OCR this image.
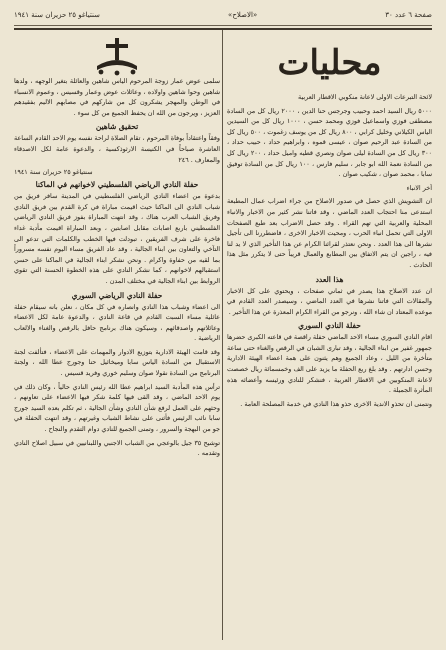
صفحة ٦ عدد ٣٠
«الاصلاح»
سنتياغو ٢٥ حزيران سنة ١٩٤١
محليات
لائحة التبرعات الاولى لاعانة منكوبي الاقطار العربية
٥٠٠٠ ريال السيد احمد وحبيب وجرجس حنا الدين ، ٢٠٠٠ ريال كل من السادة مصطفى فوزي واسماعيل فوزي ومحمد حسن ، ١٠٠٠ ريال كل من السيدين الياس الكيلاني وخليل كرابي ، ٨٠٠ ريال كل من يوسف زغموت ، ٥٠٠ ريال كل من السادة عبد الرحيم صوان ، عيسى قموه ، وابراهيم حداد ، حبيب حداد ، ٣٠٠ ريال كل من السادة ليلى صوان ونصري قطيه واميل حداد ، ٢٠٠ ريال كل من السادة نعمة الله ابو جابر ، سليم فارس ، ١٠٠ ريال كل من السادة توفيق سابا ، محمد صوان ، شكيب صوان .
آخر الانباء
ان التشويش الذي حصل في صدور الاصلاح من جراء اضراب عمال المطبعة استدعى منا احتجاب العدد الماضي ، وقد فاتنا نشر كثير من الاخبار والانباء المحلية والعربية التي تهم القراء . وقد حصل الاضراب بعد طبع الصفحات الاولى التي تحمل انباء الحرب ، ومحيت الاخبار الاخرى ، فاضطررنا الى تأجيل نشرها الى هذا العدد . ونحن نعتذر لقرائنا الكرام عن هذا التأخير الذي لا يد لنا فيه ، راجين ان يتم الاتفاق بين المطابع والعمال قريباً حتى لا يتكرر مثل هذا الحادث .
هذا العدد
ان عدد الاصلاح هذا يصدر في ثماني صفحات ، ويحتوي على كل الاخبار والمقالات التي فاتنا نشرها في العدد الماضي ، وسيصدر العدد القادم في موعده المعتاد ان شاء الله ، ونرجو من القراء الكرام المعذرة عن هذا التأخير .
حفلة النادي السوري
اقام النادي السوري مساء الاحد الماضي حفلة راقصة في قاعته الكبرى حضرها جمهور غفير من ابناء الجالية ، وقد تبارى الشبان في الرقص والغناء حتى ساعة متأخرة من الليل ، وعاد الجميع وهم يثنون على همة اعضاء الهيئة الادارية وحسن ادارتهم . وقد بلغ ريع الحفلة ما يزيد على الف وخمسمائة ريال خصصت لاعانة المنكوبين في الاقطار العربية ، فنشكر للنادي ورئيسه وأعضائه هذه المأثرة الجميلة .
ونتمنى ان تحذو الاندية الاخرى حذو هذا النادي في خدمة المصلحة العامة .
سلمى عوض عمار زوجة المرحوم الياس شاهين والعائلة بتغير الوجهه ، ولدها شاهين وحوا شاهين واولاده ، وعائلات عوض وعمار وقسيس ، وعموم الانسباء في الوطن والمهجر يشكرون كل من شاركهم في مصابهم الاليم بفقيدهم العزيز ، ويرجون من الله ان يحفظ الجميع من كل سوء .
تحقيق شاهين
وفقاً واعتقاداً بوفاة المرحوم ، تقام الصلاة لراحة نفسه يوم الاحد القادم الساعة العاشرة صباحاً في الكنيسة الارثوذكسية ، والدعوة عامة لكل الاصدقاء والمعارف . ٢٤٦
سنتياغو ٢٥ حزيران سنة ١٩٤١
حفلة النادي الرياضي الفلسطيني لاخوانهم في الماكنا
بدعوة من اعضاء النادي الرياضي الفلسطيني في المدينة سافر فريق من شباب النادي الى الماكنا حيث اقيمت مباراة في كرة القدم بين فريق النادي وفريق الشباب العرب هناك ، وقد انتهت المباراة بفوز فريق النادي الرياضي الفلسطيني باربع اصابات مقابل اصابتين ، وبعد المباراة اقيمت مأدبة غداء فاخرة على شرف الفريقين ، تبودلت فيها الخطب والكلمات التي تدعو الى التآخي والتعاون بين ابناء الجالية ، وقد عاد الفريق مساء اليوم نفسه مسروراً بما لقيه من حفاوة واكرام . ونحن نشكر ابناء الجالية في الماكنا على حسن استقبالهم لاخوانهم ، كما نشكر النادي على هذه الخطوة الحسنة التي تقوي الروابط بين ابناء الجالية في مختلف المدن .
حفلة النادي الرياضي السوري
الى اعضاء وشباب هذا النادي وانصاره في كل مكان ، نعلن بانه سيقام حفلة عائلية مساء السبت القادم في قاعة النادي ، والدعوة عامة لكل الاعضاء وعائلاتهم واصدقائهم ، وسيكون هناك برنامج حافل بالرقص والغناء والالعاب الرياضية .
وقد قامت الهيئة الادارية بتوزيع الادوار والمهمات على الاعضاء ، فتألفت لجنة الاستقبال من السادة الياس سابا وميخائيل حنا وجورج عطا الله ، ولجنة البرنامج من السادة نقولا صوان وسليم خوري وفريد قسيس .
ترأس هذه المأدبة السيد ابراهيم عطا الله رئيس النادي حالياً ، وكان ذلك في يوم الاحد الماضي ، وقد القى فيها كلمة شكر فيها الاعضاء على تعاونهم ، وحثهم على العمل لرفع شأن النادي وشأن الجالية ، ثم تكلم بعده السيد جورج سابا نائب الرئيس فأثنى على نشاط الشباب وغيرتهم ، وقد انتهت الحفلة في جو من البهجة والسرور ، وتمنى الجميع للنادي دوام التقدم والنجاح .
توشيح ٣٥ جيل بالوعجي من الشباب الاجنبي واللبنانيين في سبيل اصلاح النادي وتقدمه .
